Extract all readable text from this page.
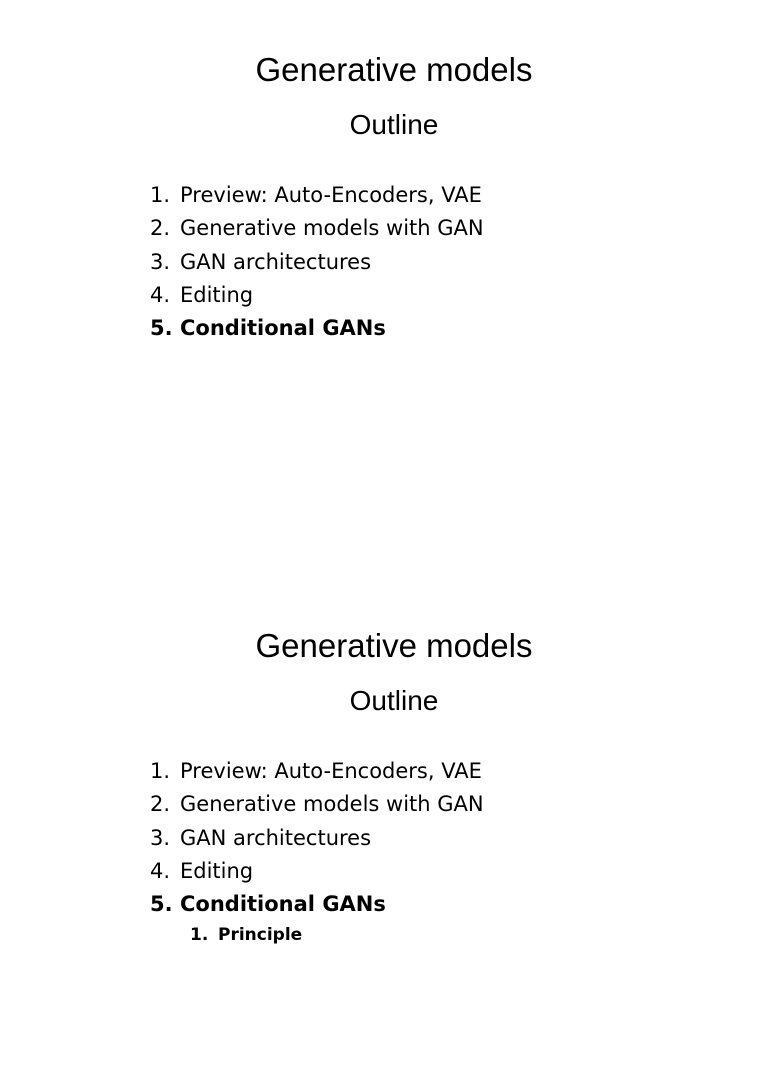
Generative models
Outline
1. Preview: Auto-Encoders, VAE
2. Generative models with GAN
3. GAN architectures
4. Editing
5. Conditional GANs
Generative models
Outline
1. Preview: Auto-Encoders, VAE
2. Generative models with GAN
3. GAN architectures
4. Editing
5. Conditional GANs
1. Principle
